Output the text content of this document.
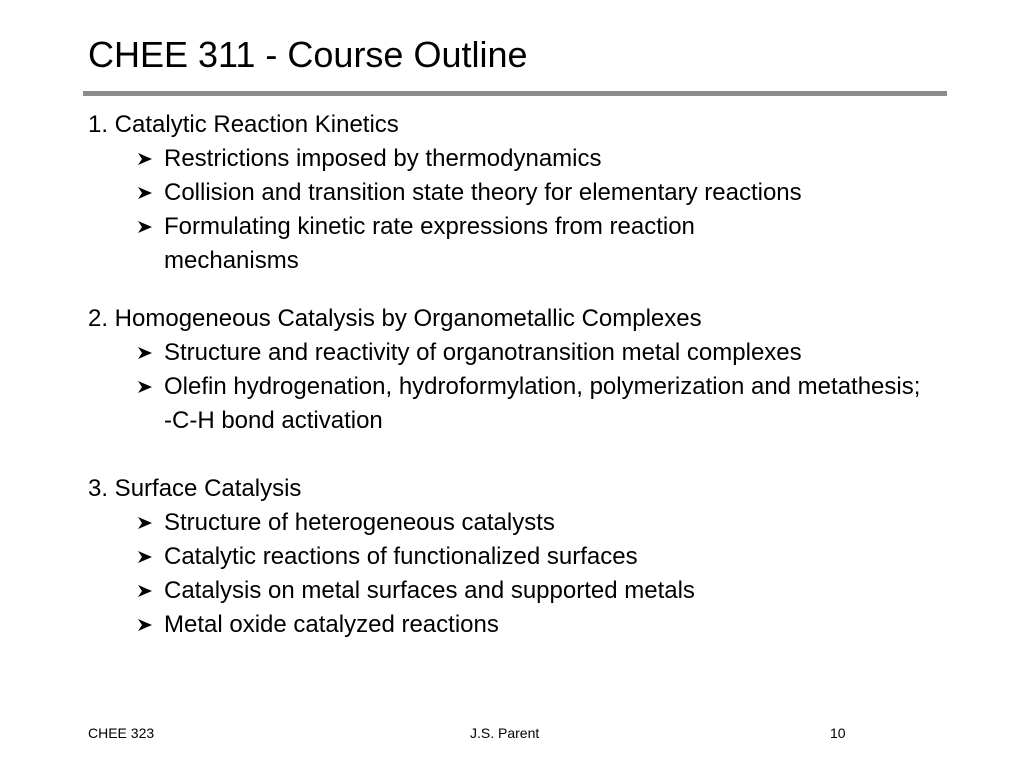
CHEE 311 - Course Outline
1. Catalytic Reaction Kinetics
Restrictions imposed by thermodynamics
Collision and transition state theory for elementary reactions
Formulating kinetic rate expressions from reaction mechanisms
2. Homogeneous Catalysis by Organometallic Complexes
Structure and reactivity of organotransition metal complexes
Olefin hydrogenation, hydroformylation, polymerization and metathesis; -C-H bond activation
3. Surface Catalysis
Structure of heterogeneous catalysts
Catalytic reactions of functionalized surfaces
Catalysis on metal surfaces and supported metals
Metal oxide catalyzed reactions
CHEE 323	J.S. Parent	10
